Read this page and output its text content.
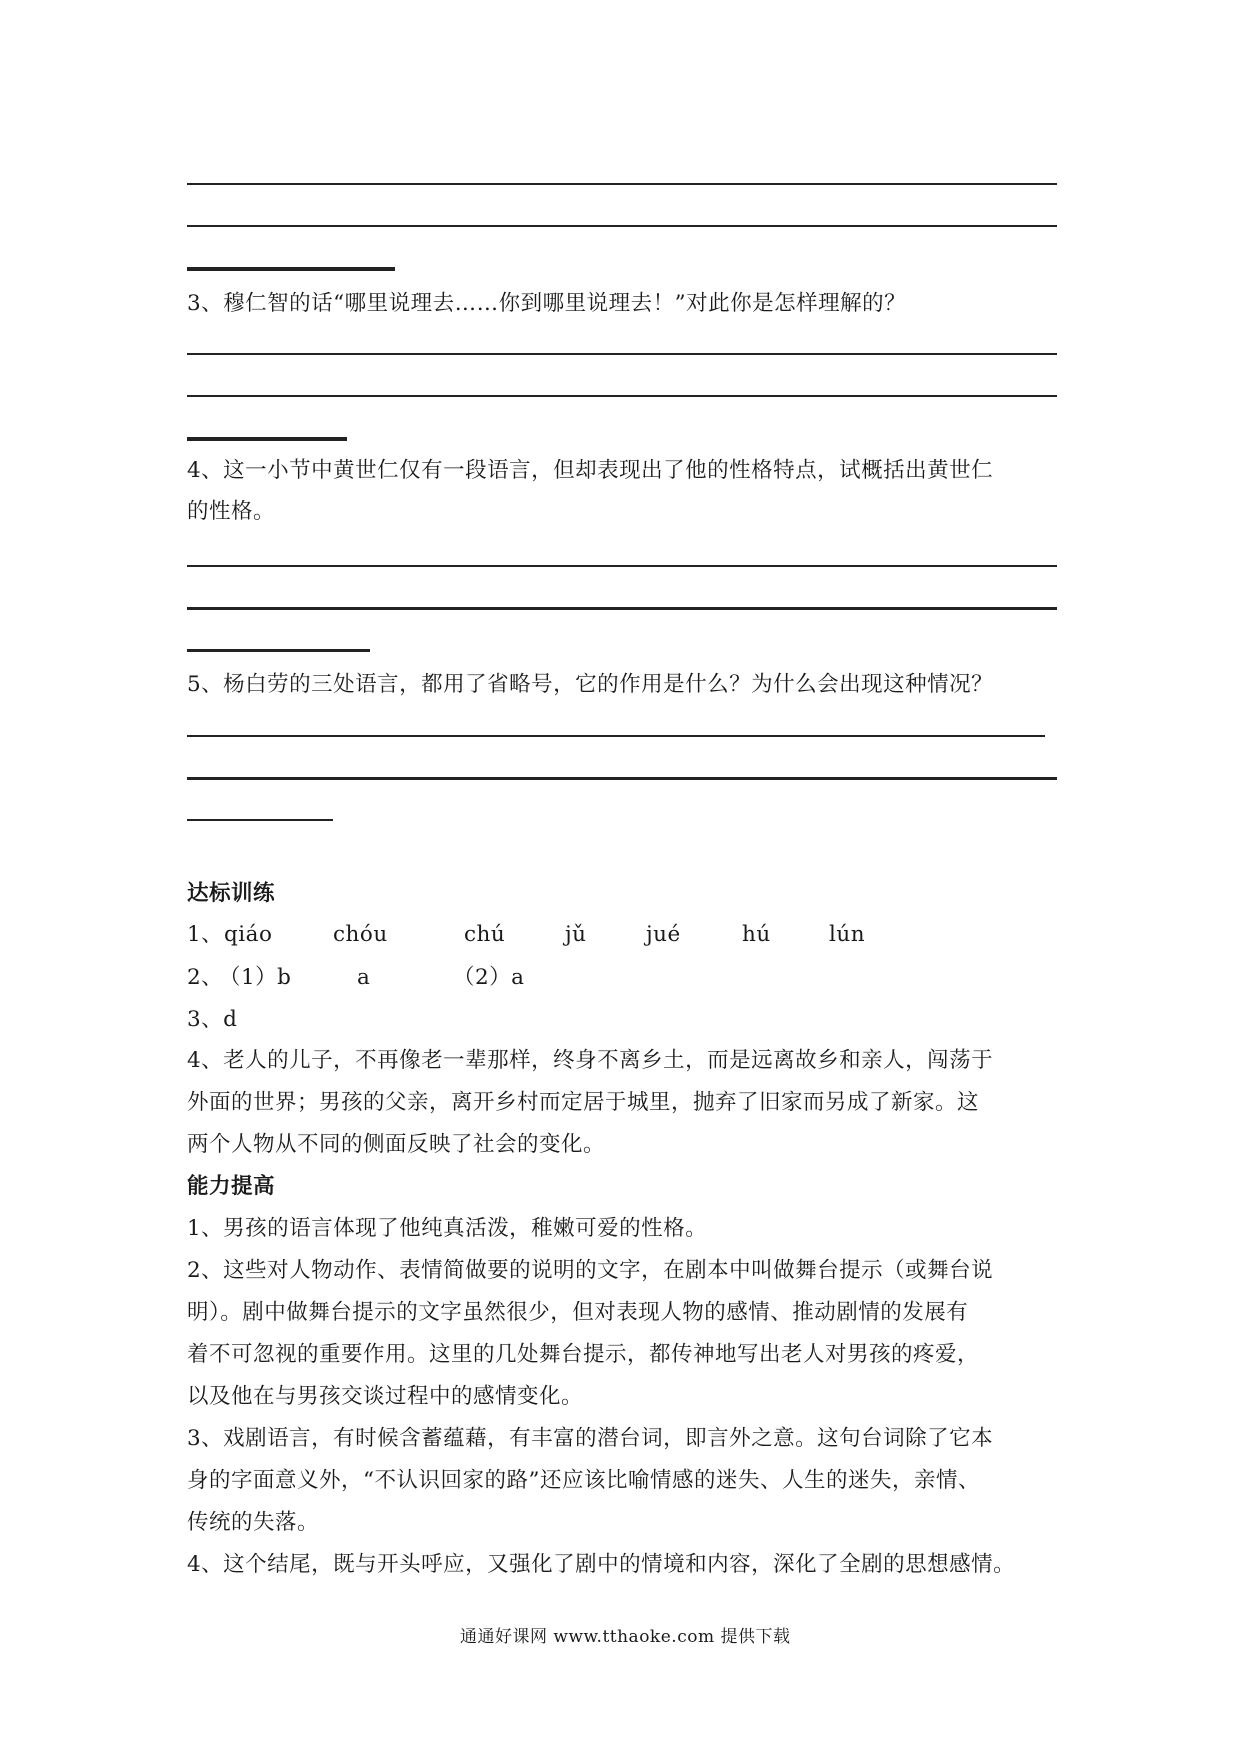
3、穆仁智的话“哪里说理去……你到哪里说理去！”对此你是怎样理解的？
4、这一小节中黄世仁仅有一段语言，但却表现出了他的性格特点，试概括出黄世仁
的性格。
5、杨白劳的三处语言，都用了省略号，它的作用是什么？为什么会出现这种情况？
达标训练
1、 qiáo	chóu	chú	jǔ	jué	hú	lún
2、
（1）b	a	（2）a
3、d
4、老人的儿子，不再像老一辈那样，终身不离乡土，而是远离故乡和亲人，闯荡于
外面的世界；男孩的父亲，离开乡村而定居于城里，抛弃了旧家而另成了新家。这
两个人物从不同的侧面反映了社会的变化。
能力提高
1、男孩的语言体现了他纯真活泼，稚嫩可爱的性格。
2、这些对人物动作、表情简做要的说明的文字，在剧本中叫做舞台提示（或舞台说
明）。剧中做舞台提示的文字虽然很少，但对表现人物的感情、推动剧情的发展有
着不可忽视的重要作用。这里的几处舞台提示，都传神地写出老人对男孩的疼爱，
以及他在与男孩交谈过程中的感情变化。
3、戏剧语言，有时候含蓄蕴藉，有丰富的潜台词，即言外之意。这句台词除了它本
身的字面意义外，“不认识回家的路”还应该比喻情感的迷失、人生的迷失，亲情、
传统的失落。
4、这个结尾，既与开头呼应，又强化了剧中的情境和内容，深化了全剧的思想感情。
通通好课网 www.tthaoke.com 提供下载
